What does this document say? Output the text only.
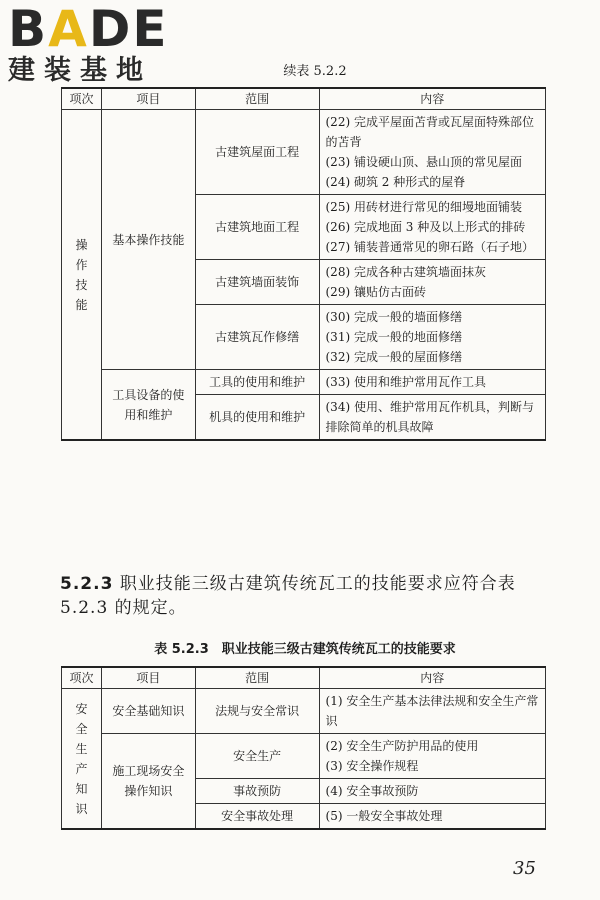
BADE
建装基地	续表 5.2.2
项次	项目	范围	内容
操作技能	基本操作技能	古建筑屋面工程	(22) 完成平屋面苫背或瓦屋面特殊部位的苫背

(23) 铺设硬山顶、悬山顶的常见屋面

(24) 砌筑 2 种形式的屋脊

		古建筑地面工程	(25) 用砖材进行常见的细墁地面铺装

(26) 完成地面 3 种及以上形式的排砖

(27) 铺装普通常见的卵石路（石子地）

		古建筑墙面装饰	(28) 完成各种古建筑墙面抹灰

(29) 镶贴仿古面砖

		古建筑瓦作修缮	(30) 完成一般的墙面修缮

(31) 完成一般的地面修缮

(32) 完成一般的屋面修缮

	工具设备的使用和维护	工具的使用和维护	(33) 使用和维护常用瓦作工具

		机具的使用和维护	(34) 使用、维护常用瓦作机具，判断与排除简单的机具故障

5.2.3 职业技能三级古建筑传统瓦工的技能要求应符合表 5.2.3 的规定。
表 5.2.3　职业技能三级古建筑传统瓦工的技能要求
项次	项目	范围	内容
安全生产知识	安全基础知识	法规与安全常识	(1) 安全生产基本法律法规和安全生产常识

	施工现场安全操作知识	安全生产	(2) 安全生产防护用品的使用

(3) 安全操作规程

		事故预防	(4) 安全事故预防

		安全事故处理	(5) 一般安全事故处理

35
